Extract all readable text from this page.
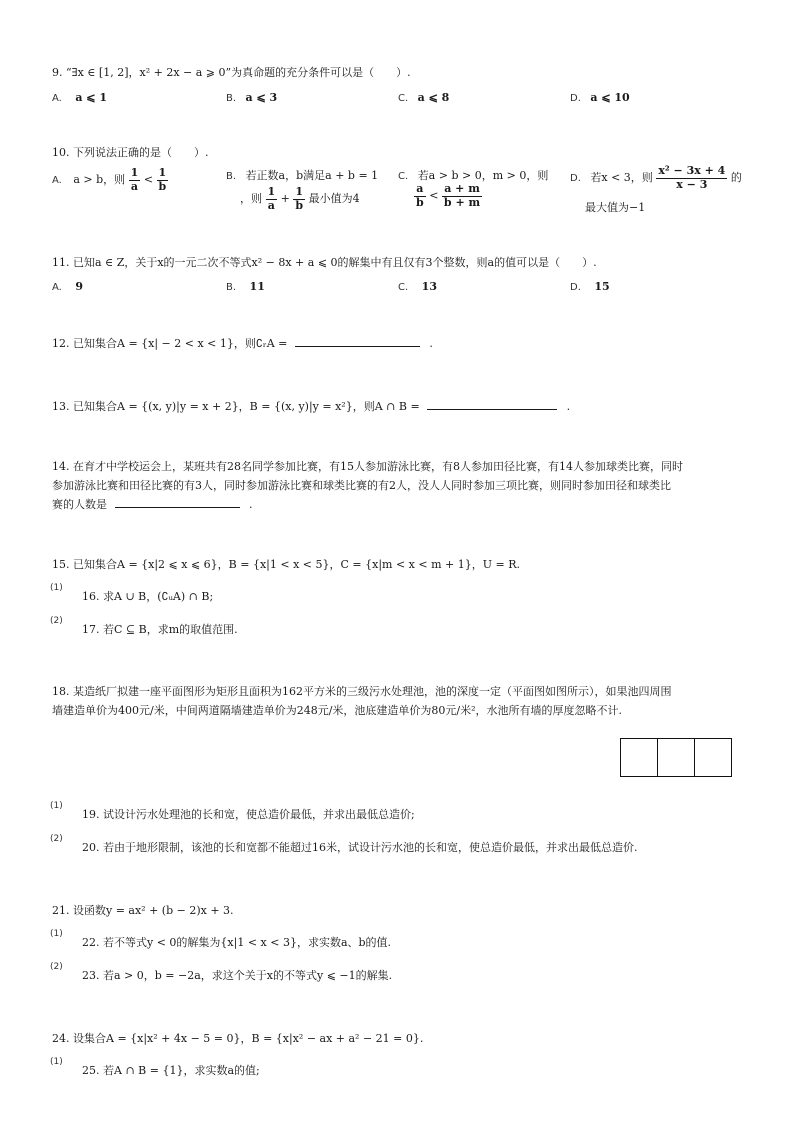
9. “∃x ∈ [1, 2]，x² + 2x − a ⩾ 0”为真命题的充分条件可以是（　　）.
A. a ⩽ 1	B. a ⩽ 3	C. a ⩽ 8	D. a ⩽ 10
10. 下列说法正确的是（　　）.
A. a > b，则 $\frac{1}{a} < \frac{1}{b}$	B. 若正数a，b满足a + b = 1
，则 $\frac{1}{a} + \frac{1}{b}$ 最小值为4
C. 若a > b > 0，m > 0，则
$\frac{a}{b} < \frac{a + m}{b + m}$
D. 若x < 3，则 $\frac{\text{x² − 3x + 4}}{x - 3}$ 的
最大值为−1
11. 已知a ∈ Z，关于x的一元二次不等式x² − 8x + a ⩽ 0的解集中有且仅有3个整数，则a的值可以是（　　）.
A. 9	B. 11	C. 13	D. 15
12. 已知集合A = {x| − 2 < x < 1}，则∁ᵣA =	.
13. 已知集合A = {(x, y)|y = x + 2}，B = {(x, y)|y = x²}，则A ∩ B =	.
14. 在育才中学校运会上，某班共有28名同学参加比赛，有15人参加游泳比赛，有8人参加田径比赛，有14人参加球类比赛，同时
参加游泳比赛和田径比赛的有3人，同时参加游泳比赛和球类比赛的有2人，没人人同时参加三项比赛，则同时参加田径和球类比
赛的人数是	.
15. 已知集合A = {x|2 ⩽ x ⩽ 6}，B = {x|1 < x < 5}，C = {x|m < x < m + 1}，U = R.
(1)
16. 求A ∪ B，(∁ᵤA) ∩ B;
(2)
17. 若C ⊆ B，求m的取值范围.
18. 某造纸厂拟建一座平面图形为矩形且面积为162平方米的三级污水处理池，池的深度一定（平面图如图所示），如果池四周围
墙建造单价为400元/米，中间两道隔墙建造单价为248元/米，池底建造单价为80元/米²，水池所有墙的厚度忽略不计.
(1)
19. 试设计污水处理池的长和宽，使总造价最低，并求出最低总造价;
(2)
20. 若由于地形限制，该池的长和宽都不能超过16米，试设计污水池的长和宽，使总造价最低，并求出最低总造价.
21. 设函数y = ax² + (b − 2)x + 3.
(1)
22. 若不等式y < 0的解集为{x|1 < x < 3}，求实数a、b的值.
(2)
23. 若a > 0，b = −2a，求这个关于x的不等式y ⩽ −1的解集.
24. 设集合A = {x|x² + 4x − 5 = 0}，B = {x|x² − ax + a² − 21 = 0}.
(1)
25. 若A ∩ B = {1}，求实数a的值;
